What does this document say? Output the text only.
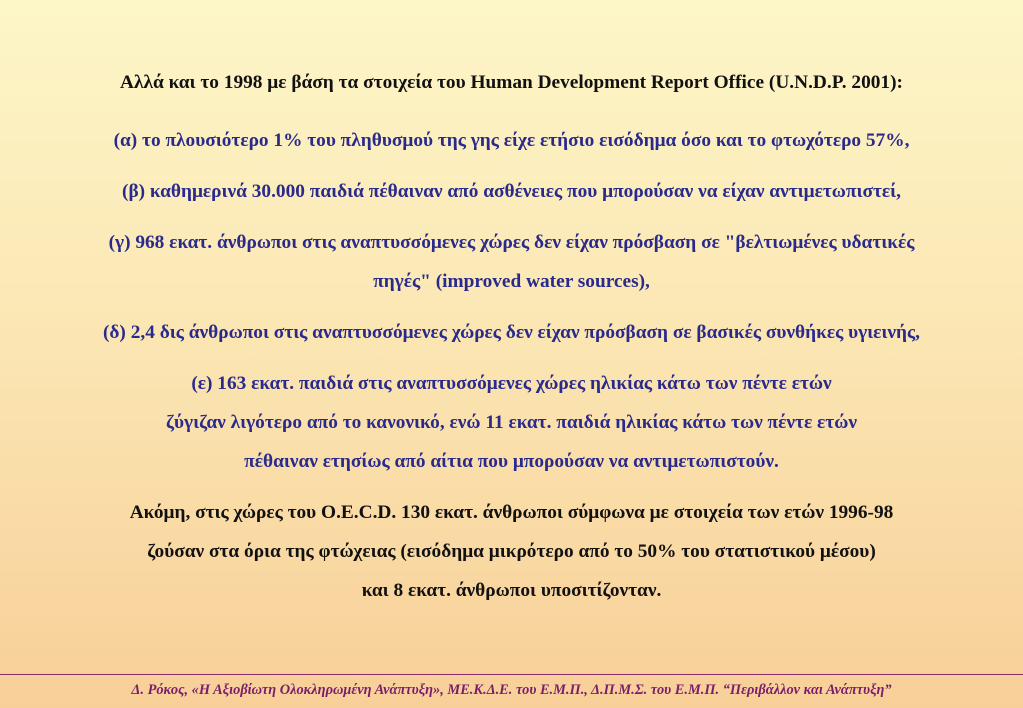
Αλλά και το 1998 με βάση τα στοιχεία του Human Development Report Office (U.N.D.P. 2001):
(α) το πλουσιότερο 1% του πληθυσμού της γης είχε ετήσιο εισόδημα όσο και το φτωχότερο 57%,
(β) καθημερινά 30.000 παιδιά πέθαιναν από ασθένειες που μπορούσαν να είχαν αντιμετωπιστεί,
(γ) 968 εκατ. άνθρωποι στις αναπτυσσόμενες χώρες δεν είχαν πρόσβαση σε "βελτιωμένες υδατικές
πηγές" (improved water sources),
(δ) 2,4 δις άνθρωποι στις αναπτυσσόμενες χώρες δεν είχαν πρόσβαση σε βασικές συνθήκες υγιεινής,
(ε) 163 εκατ. παιδιά στις αναπτυσσόμενες χώρες ηλικίας κάτω των πέντε ετών
ζύγιζαν λιγότερο από το κανονικό, ενώ 11 εκατ. παιδιά ηλικίας κάτω των πέντε ετών
πέθαιναν ετησίως από αίτια που μπορούσαν να αντιμετωπιστούν.
Ακόμη, στις χώρες του O.E.C.D. 130 εκατ. άνθρωποι σύμφωνα με στοιχεία των ετών 1996-98
ζούσαν στα όρια της φτώχειας (εισόδημα μικρότερο από το 50% του στατιστικού μέσου)
και 8 εκατ. άνθρωποι υποσιτίζονταν.
Δ. Ρόκος, «Η Αξιοβίωτη Ολοκληρωμένη Ανάπτυξη», ΜΕ.Κ.Δ.Ε. του Ε.Μ.Π., Δ.Π.Μ.Σ. του Ε.Μ.Π. “Περιβάλλον και Ανάπτυξη”
